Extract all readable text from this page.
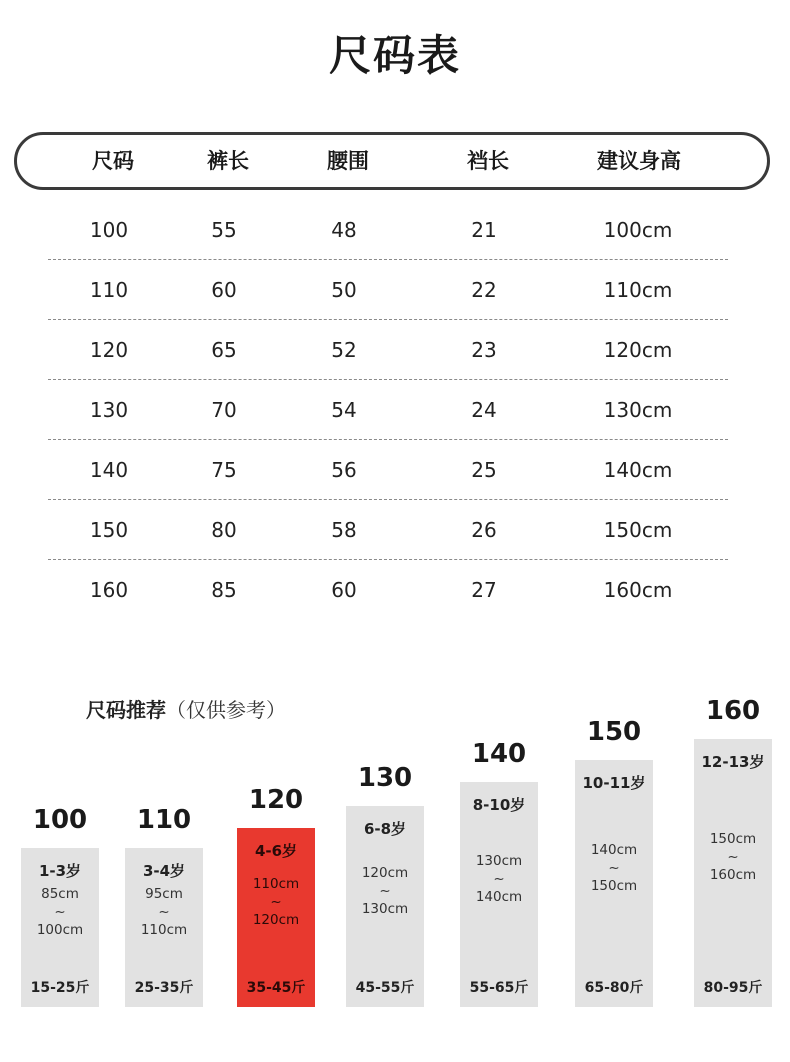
尺码表
尺码	裤长	腰围	裆长	建议身高
100	55	48	21	100cm
110	60	50	22	110cm
120	65	52	23	120cm
130	70	54	24	130cm
140	75	56	25	140cm
150	80	58	26	150cm
160	85	60	27	160cm
尺码推荐（仅供参考）
100
1-3岁
85cm
~
100cm
15-25斤
110
3-4岁
95cm
~
110cm
25-35斤
120
4-6岁
110cm
~
120cm
35-45斤
130
6-8岁
120cm
~
130cm
45-55斤
140
8-10岁
130cm
~
140cm
55-65斤
150
10-11岁
140cm
~
150cm
65-80斤
160
12-13岁
150cm
~
160cm
80-95斤
